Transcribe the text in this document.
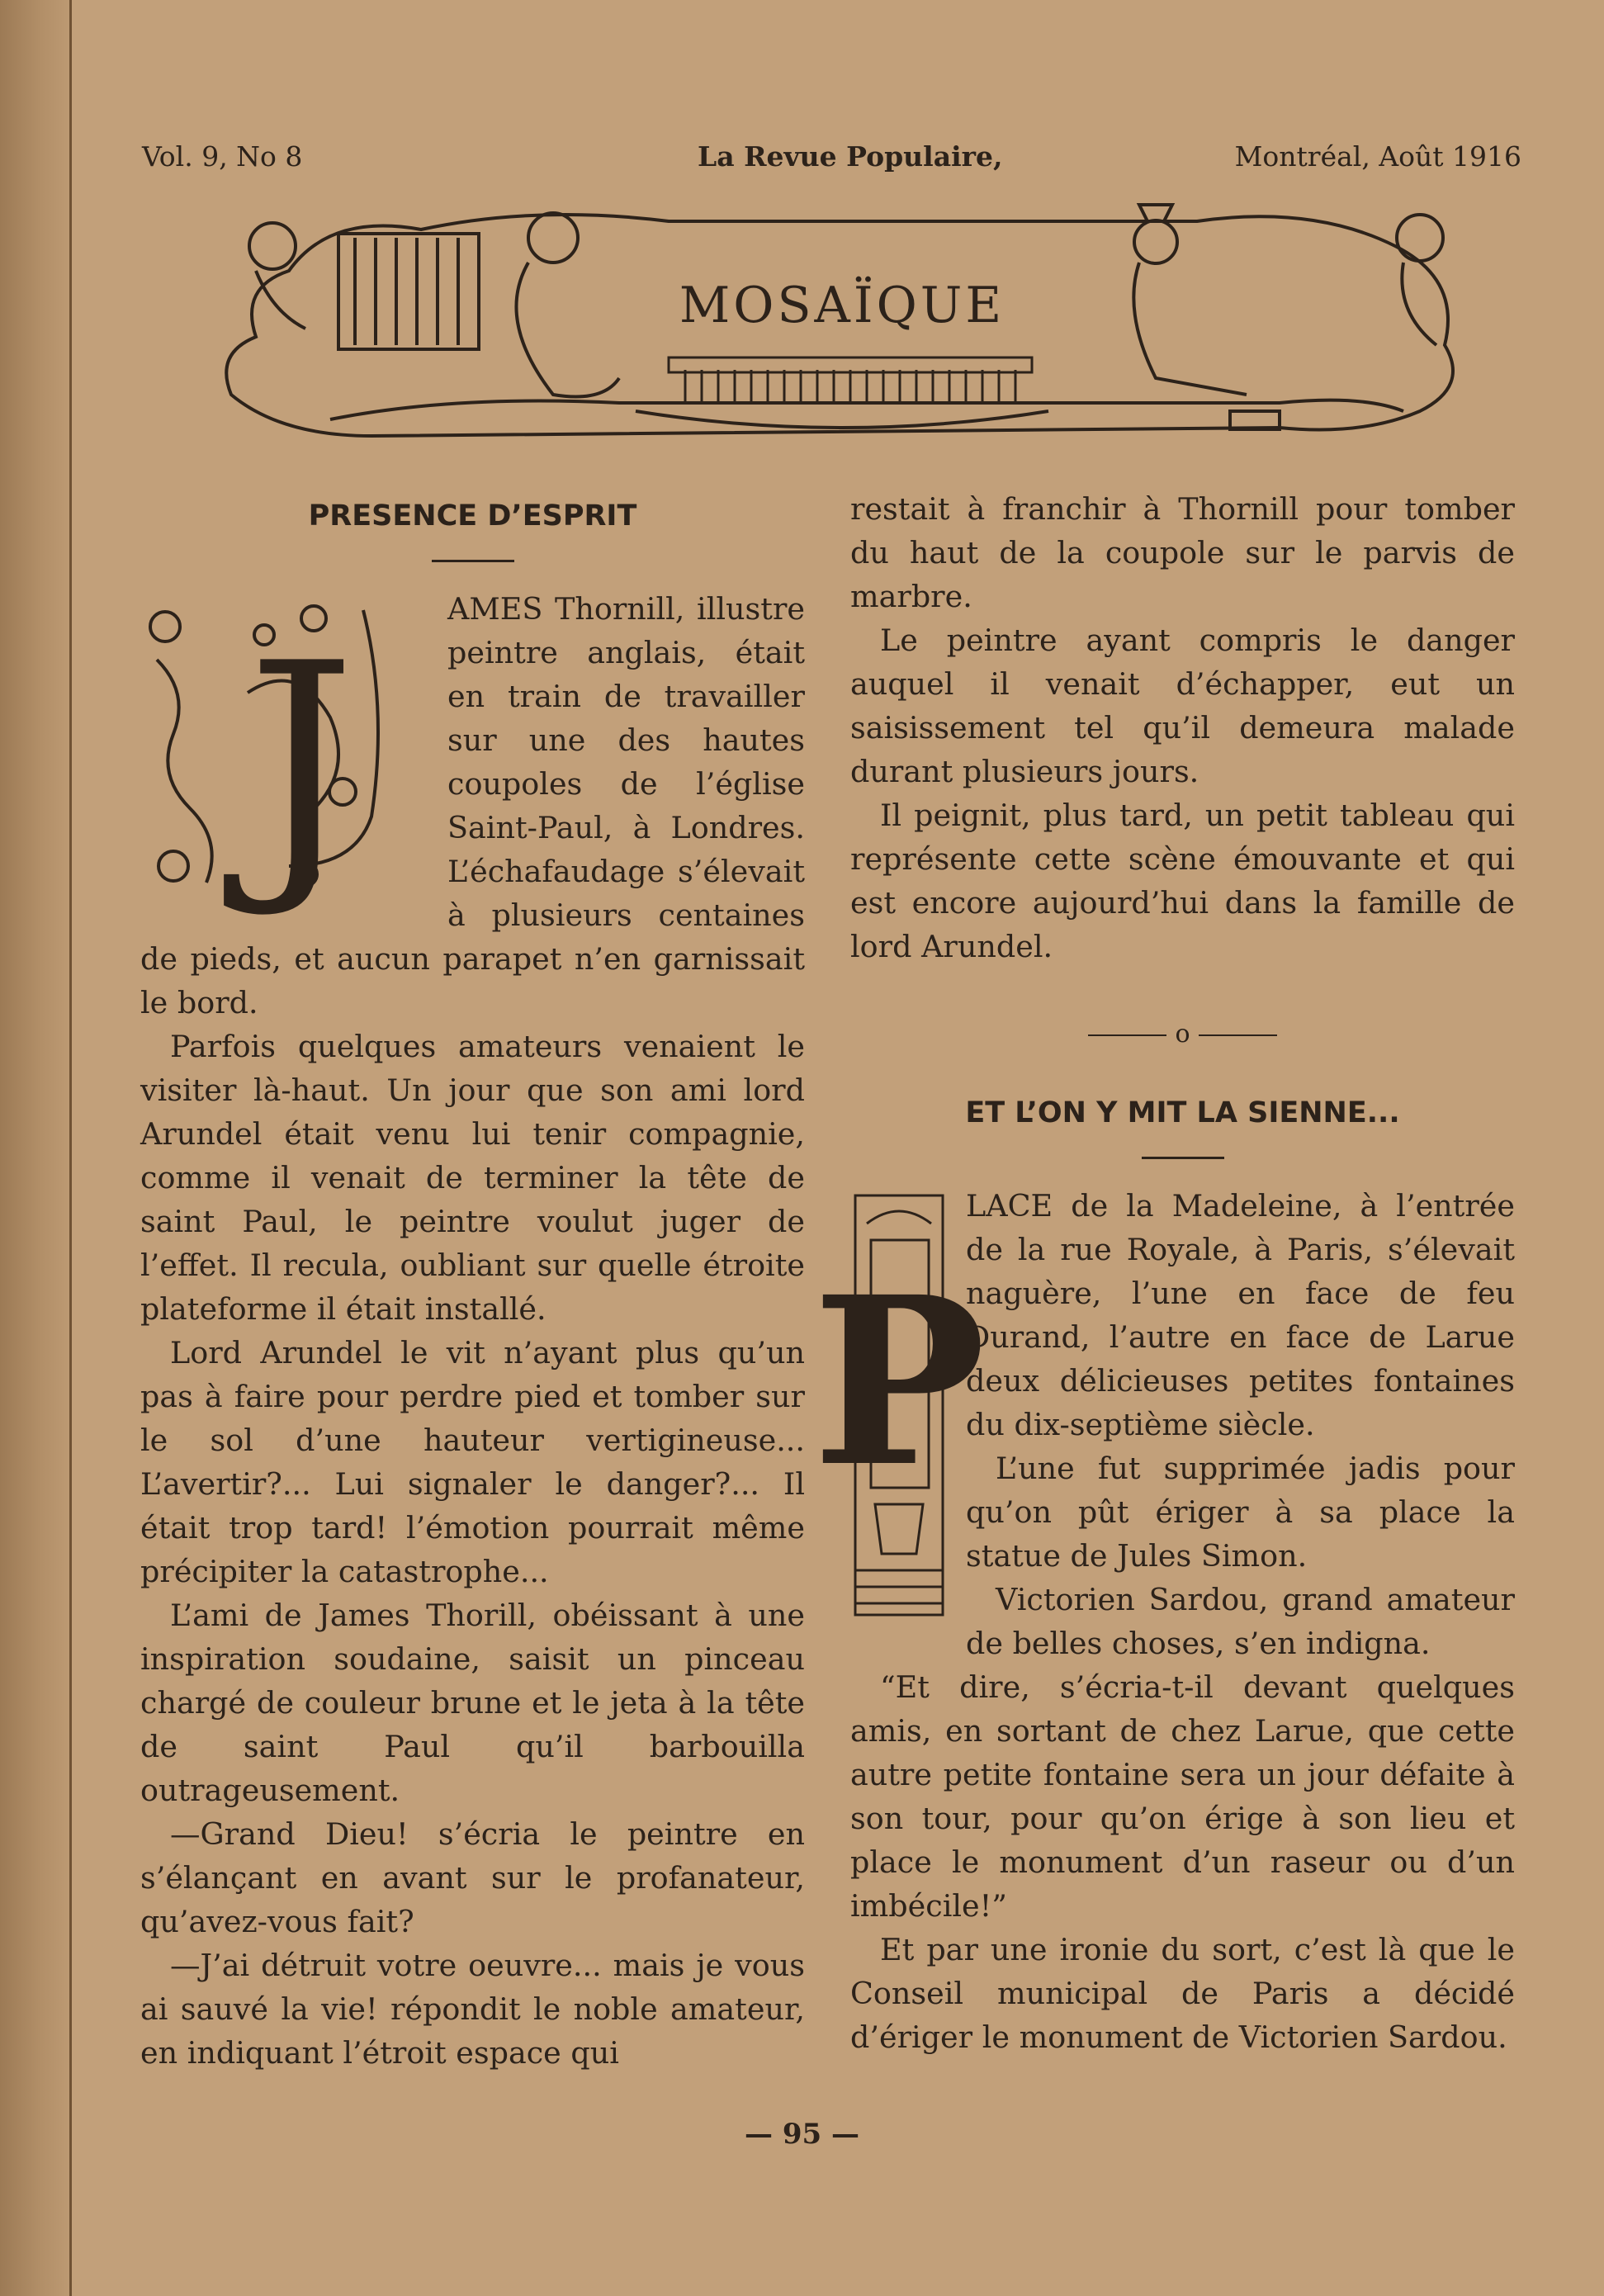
Vol. 9, No 8	La Revue Populaire,	Montréal, Août 1916
MOSAÏQUE
PRESENCE D’ESPRIT
J	AMES Thornill, illustre peintre anglais, était en train de travailler sur une des hautes coupoles de l’église Saint-Paul, à Londres. L’échafaudage s’élevait à plusieurs centaines de pieds, et aucun parapet n’en garnissait le bord.

Parfois quelques amateurs venaient le visiter là-haut. Un jour que son ami lord Arundel était venu lui tenir compagnie, comme il venait de terminer la tête de saint Paul, le peintre voulut juger de l’effet. Il recula, oubliant sur quelle étroite plateforme il était installé.

Lord Arundel le vit n’ayant plus qu’un pas à faire pour perdre pied et tomber sur le sol d’une hauteur vertigineuse... L’avertir?... Lui signaler le danger?... Il était trop tard! l’émotion pourrait même précipiter la catastrophe...

L’ami de James Thorill, obéissant à une inspiration soudaine, saisit un pinceau chargé de couleur brune et le jeta à la tête de saint Paul qu’il barbouilla outrageusement.

—Grand Dieu! s’écria le peintre en s’élançant en avant sur le profanateur, qu’avez-vous fait?

—J’ai détruit votre oeuvre... mais je vous ai sauvé la vie! répondit le noble amateur, en indiquant l’étroit espace qui

restait à franchir à Thornill pour tomber du haut de la coupole sur le parvis de marbre.

Le peintre ayant compris le danger auquel il venait d’échapper, eut un saisissement tel qu’il demeura malade durant plusieurs jours.

Il peignit, plus tard, un petit tableau qui représente cette scène émouvante et qui est encore aujourd’hui dans la famille de lord Arundel.

o
ET L’ON Y MIT LA SIENNE...
P

LACE de la Madeleine, à l’entrée de la rue Royale, à Paris, s’élevait naguère, l’une en face de feu Durand, l’autre en face de Larue deux délicieuses petites fontaines du dix-septième siècle.

L’une fut supprimée jadis pour qu’on pût ériger à sa place la statue de Jules Simon.

Victorien Sardou, grand amateur de belles choses, s’en indigna.

“Et dire, s’écria-t-il devant quelques amis, en sortant de chez Larue, que cette autre petite fontaine sera un jour défaite à son tour, pour qu’on érige à son lieu et place le monument d’un raseur ou d’un imbécile!”

Et par une ironie du sort, c’est là que le Conseil municipal de Paris a décidé d’ériger le monument de Victorien Sardou.

— 95 —
